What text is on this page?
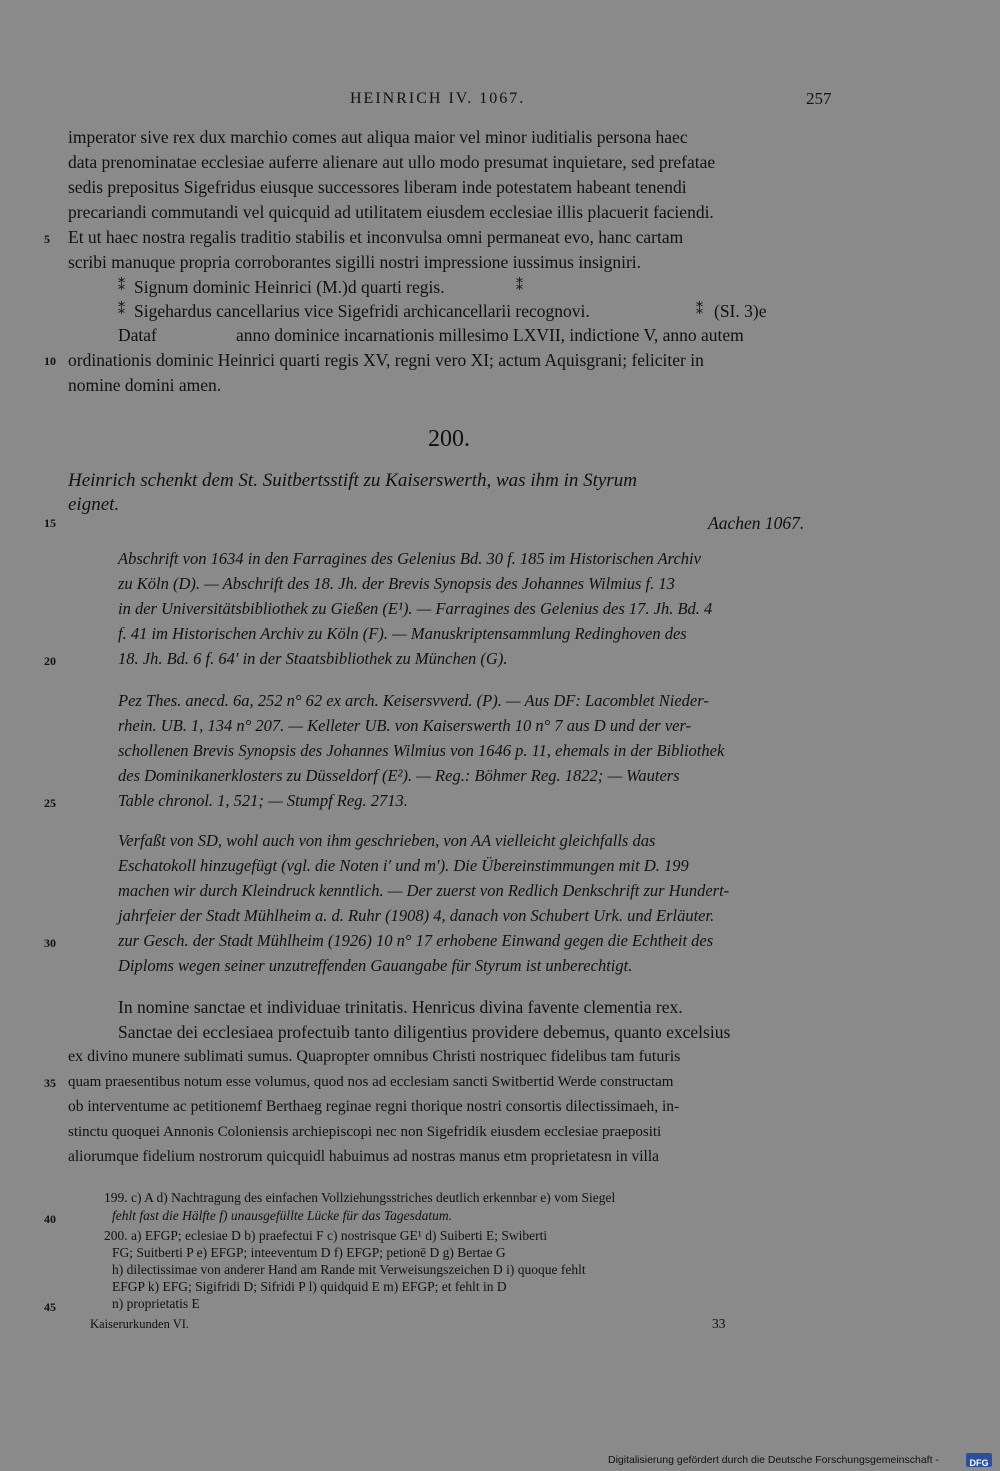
HEINRICH IV. 1067.	257
imperator sive rex dux marchio comes aut aliqua maior vel minor iuditialis persona haec
data prenominatae ecclesiae auferre alienare aut ullo modo presumat inquietare, sed prefatae
sedis prepositus Sigefridus eiusque successores liberam inde potestatem habeant tenendi
precariandi commutandi vel quicquid ad utilitatem eiusdem ecclesiae illis placuerit faciendi.
Et ut haec nostra regalis traditio stabilis et inconvulsa omni permaneat evo, hanc cartam
scribi manuque propria corroborantes sigilli nostri impressione iussimus insigniri.
⁑ Signum dominic Heinrici (M.)d quarti regis.	⁑
⁑ Sigehardus cancellarius vice Sigefridi archicancellarii recognovi.	⁑ (SI. 3)e
Dataf	anno dominice incarnationis millesimo LXVII, indictione V, anno autem
ordinationis dominic Heinrici quarti regis XV, regni vero XI; actum Aquisgrani; feliciter in
nomine domini amen.
200.
Heinrich schenkt dem St. Suitbertsstift zu Kaiserswerth, was ihm in Styrum
eignet.
Aachen 1067.
Abschrift von 1634 in den Farragines des Gelenius Bd. 30 f. 185 im Historischen Archiv
zu Köln (D). — Abschrift des 18. Jh. der Brevis Synopsis des Johannes Wilmius f. 13
in der Universitätsbibliothek zu Gießen (E¹). — Farragines des Gelenius des 17. Jh. Bd. 4
f. 41 im Historischen Archiv zu Köln (F). — Manuskriptensammlung Redinghoven des
18. Jh. Bd. 6 f. 64′ in der Staatsbibliothek zu München (G).
Pez Thes. anecd. 6a, 252 n° 62 ex arch. Keisersvverd. (P). — Aus DF: Lacomblet Nieder-
rhein. UB. 1, 134 n° 207. — Kelleter UB. von Kaiserswerth 10 n° 7 aus D und der ver-
schollenen Brevis Synopsis des Johannes Wilmius von 1646 p. 11, ehemals in der Bibliothek
des Dominikanerklosters zu Düsseldorf (E²). — Reg.: Böhmer Reg. 1822; — Wauters
Table chronol. 1, 521; — Stumpf Reg. 2713.
Verfaßt von SD, wohl auch von ihm geschrieben, von AA vielleicht gleichfalls das
Eschatokoll hinzugefügt (vgl. die Noten i′ und m′). Die Übereinstimmungen mit D. 199
machen wir durch Kleindruck kenntlich. — Der zuerst von Redlich Denkschrift zur Hundert-
jahrfeier der Stadt Mühlheim a. d. Ruhr (1908) 4, danach von Schubert Urk. und Erläuter.
zur Gesch. der Stadt Mühlheim (1926) 10 n° 17 erhobene Einwand gegen die Echtheit des
Diploms wegen seiner unzutreffenden Gauangabe für Styrum ist unberechtigt.
In nomine sanctae et individuae trinitatis. Henricus divina favente clementia rex.
Sanctae dei ecclesiaea profectuib tanto diligentius providere debemus, quanto excelsius
ex divino munere sublimati sumus. Quapropter omnibus Christi nostriquec fidelibus tam futuris
quam praesentibus notum esse volumus, quod nos ad ecclesiam sancti Switbertid Werde constructam
ob interventume ac petitionemf Berthaeg reginae regni thorique nostri consortis dilectissimaeh, in-
stinctu quoquei Annonis Coloniensis archiepiscopi nec non Sigefridik eiusdem ecclesiae praepositi
aliorumque fidelium nostrorum quicquidl habuimus ad nostras manus etm proprietatesn in villa
199. c) A d) Nachtragung des einfachen Vollziehungsstriches deutlich erkennbar e) vom Siegel
fehlt fast die Hälfte f) unausgefüllte Lücke für das Tagesdatum.
200. a) EFGP; eclesiae D b) praefectui F c) nostrisque GE¹ d) Suiberti E; Swiberti
FG; Suitberti P e) EFGP; inteeventum D f) EFGP; petionē D g) Bertae G
h) dilectissimae von anderer Hand am Rande mit Verweisungszeichen D i) quoque fehlt
EFGP k) EFG; Sigifridi D; Sifridi P l) quidquid E m) EFGP; et fehlt in D
n) proprietatis E
Kaiserurkunden VI.	33
5
10
15
20
25
30
35
40
45
Digitalisierung gefördert durch die Deutsche Forschungsgemeinschaft -	DFG
